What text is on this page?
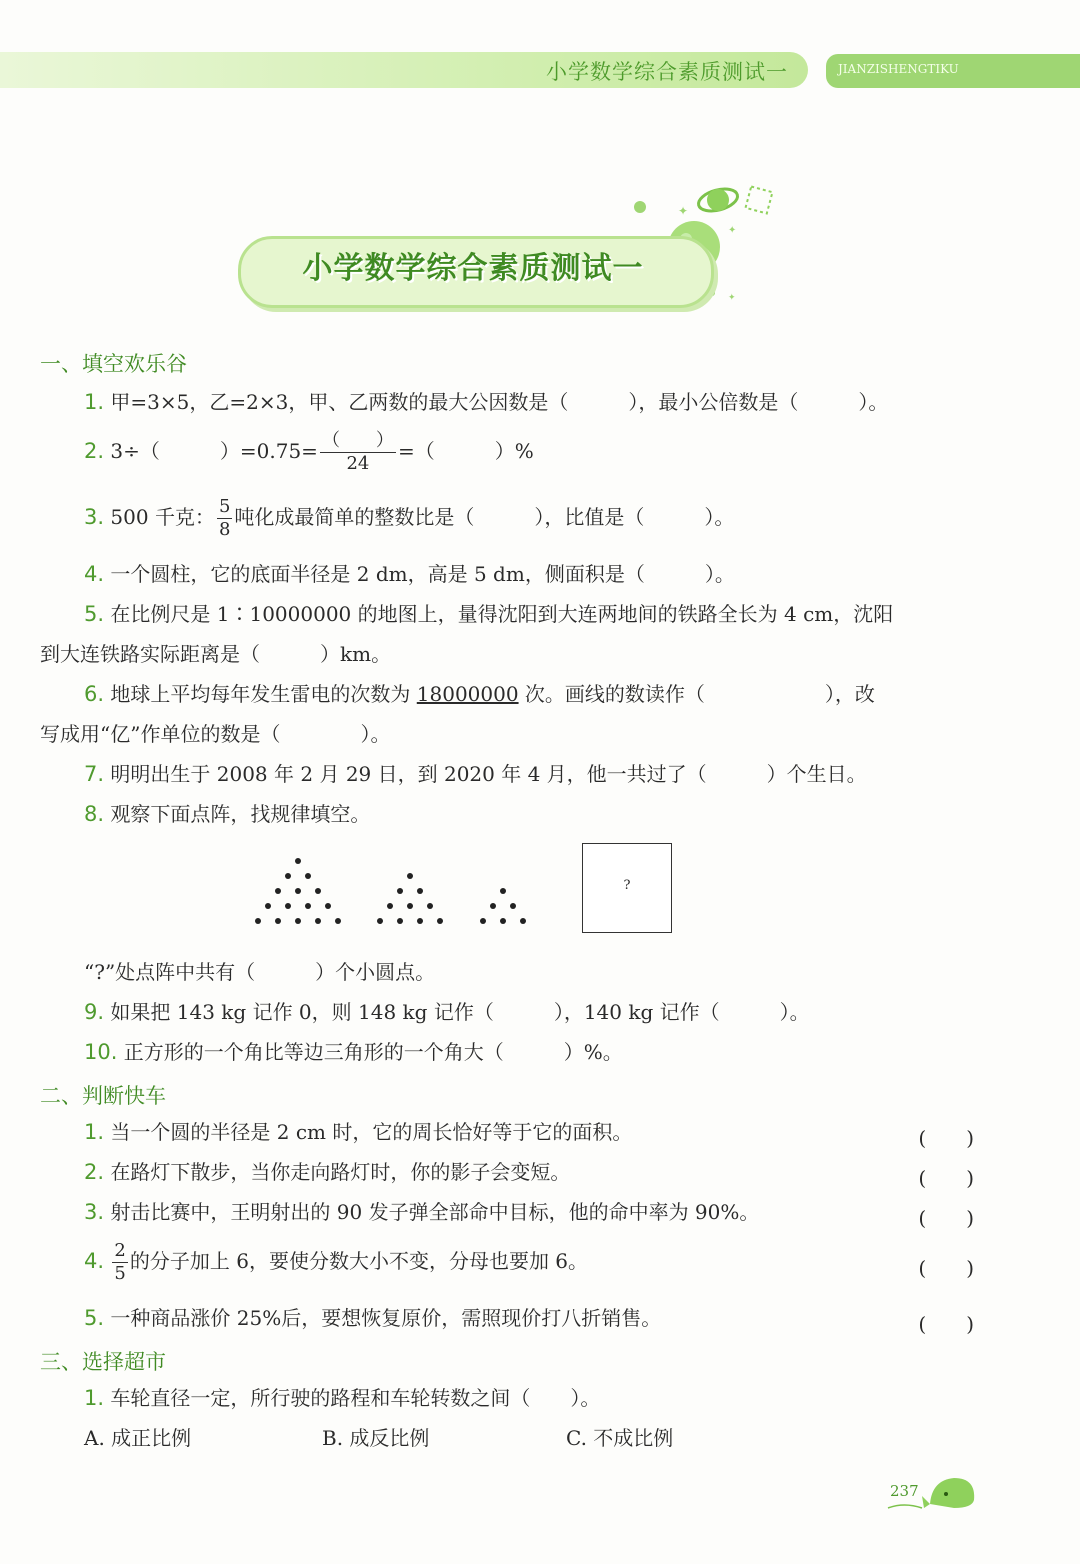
小学数学综合素质测试一	JIANZISHENGTIKU
✦
✦
✦
小学数学综合素质测试一
一、填空欢乐谷
1. 甲=3×5，乙=2×3，甲、乙两数的最大公因数是（　　　），最小公倍数是（　　　）。
2. 3÷（　　　）$=0.75= \frac{( )}{24}$ =（　　　）%
3. 500 千克： $\frac{5}{8}$ 吨化成最简单的整数比是（　　　），比值是（　　　）。
4. 一个圆柱，它的底面半径是 2 dm，高是 5 dm，侧面积是（　　　）。
5. 在比例尺是 1∶10000000 的地图上，量得沈阳到大连两地间的铁路全长为 4 cm，沈阳
到大连铁路实际距离是（　　　）km。
6. 地球上平均每年发生雷电的次数为 18000000 次。画线的数读作（　　　　　　），改
写成用“亿”作单位的数是（　　　　）。
7. 明明出生于 2008 年 2 月 29 日，到 2020 年 4 月，他一共过了（　　　）个生日。
8. 观察下面点阵，找规律填空。
?
“?”处点阵中共有（　　　）个小圆点。
9. 如果把 143 kg 记作 0，则 148 kg 记作（　　　），140 kg 记作（　　　）。
10. 正方形的一个角比等边三角形的一个角大（　　　）%。
二、判断快车
1. 当一个圆的半径是 2 cm 时，它的周长恰好等于它的面积。	(　　)
2. 在路灯下散步，当你走向路灯时，你的影子会变短。	(　　)
3. 射击比赛中，王明射出的 90 发子弹全部命中目标，他的命中率为 90%。	(　　)
4. $\frac{2}{5}$ 的分子加上 6，要使分数大小不变，分母也要加 6。	(　　)
5. 一种商品涨价 25%后，要想恢复原价，需照现价打八折销售。	(　　)
三、选择超市
1. 车轮直径一定，所行驶的路程和车轮转数之间（　　）。
A. 成正比例	B. 成反比例	C. 不成比例
237
